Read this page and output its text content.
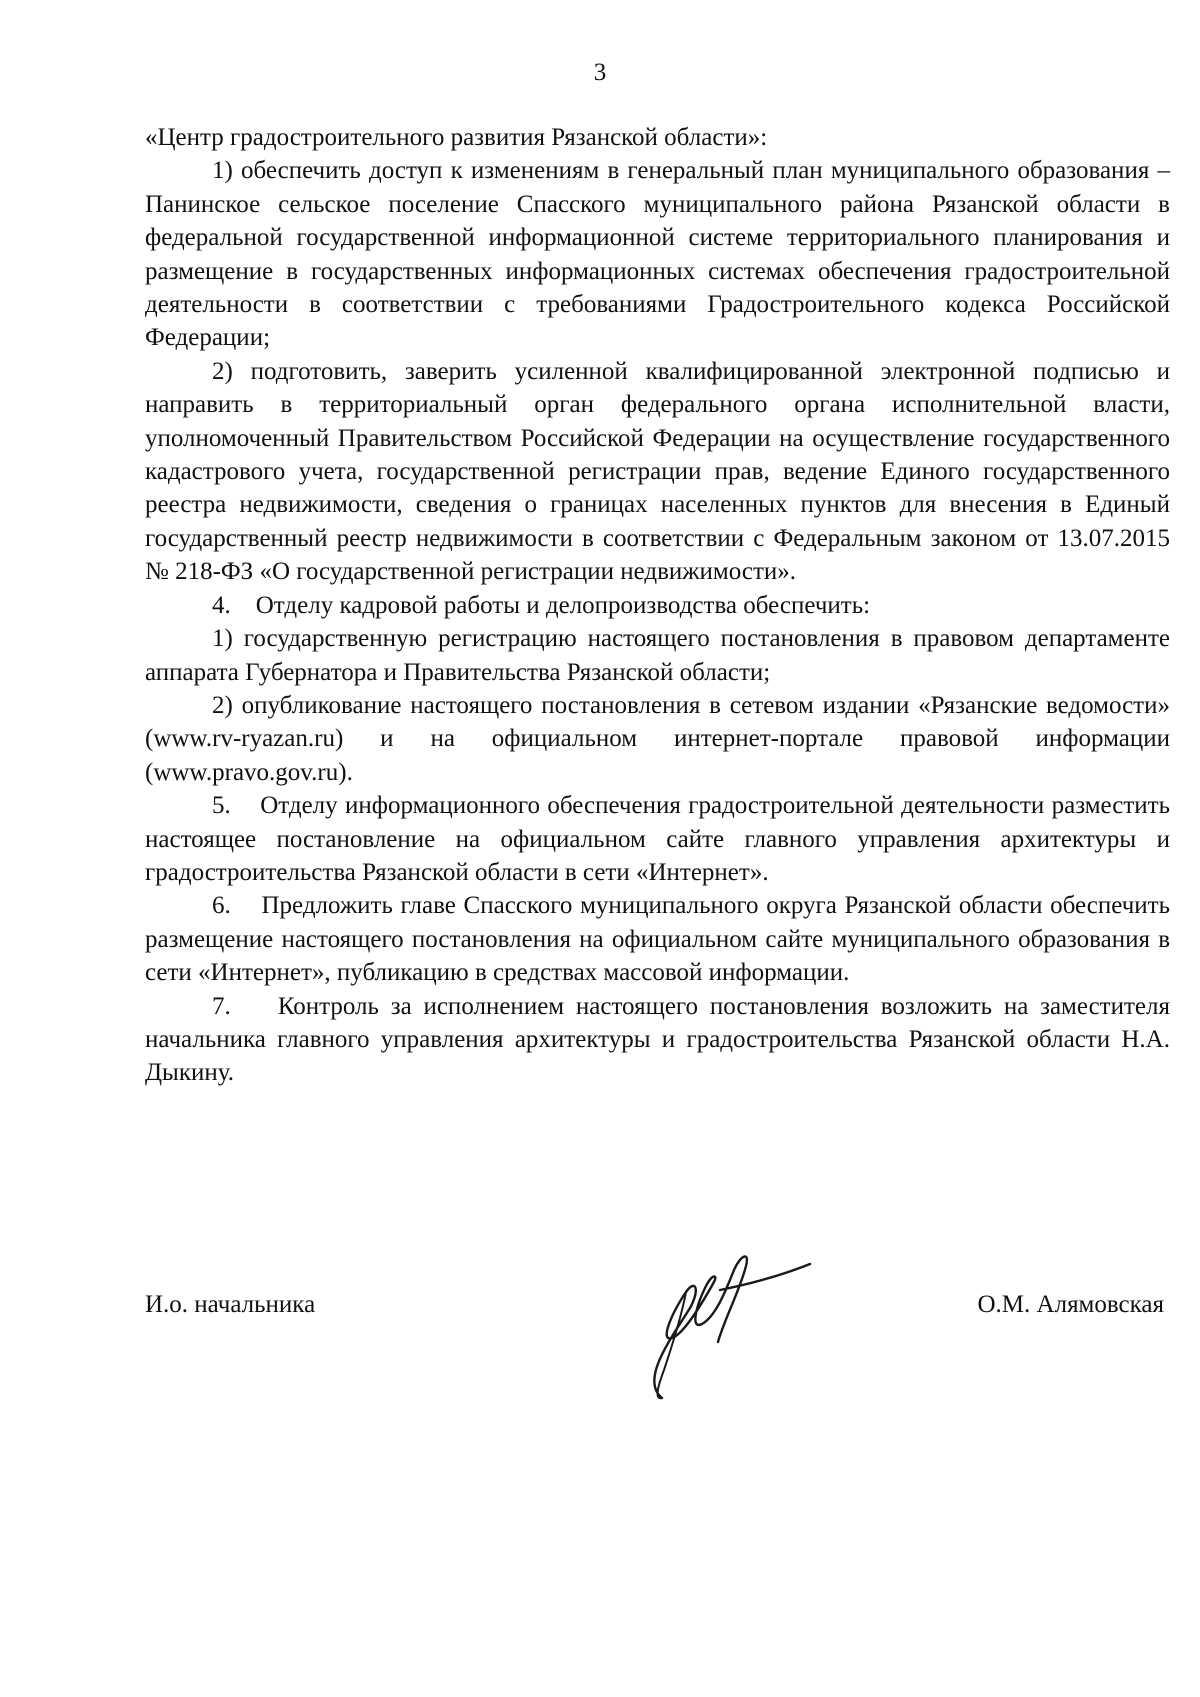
3

«Центр градостроительного развития Рязанской области»:

1) обеспечить доступ к изменениям в генеральный план муниципального образования – Панинское сельское поселение Спасского муниципального района Рязанской области в федеральной государственной информационной системе территориального планирования и размещение в государственных информационных системах обеспечения градостроительной деятельности в соответствии с требованиями Градостроительного кодекса Российской Федерации;

2) подготовить, заверить усиленной квалифицированной электронной подписью и направить в территориальный орган федерального органа исполнительной власти, уполномоченный Правительством Российской Федерации на осуществление государственного кадастрового учета, государственной регистрации прав, ведение Единого государственного реестра недвижимости, сведения о границах населенных пунктов для внесения в Единый государственный реестр недвижимости в соответствии с Федеральным законом от 13.07.2015 № 218-ФЗ «О государственной регистрации недвижимости».

4.    Отделу кадровой работы и делопроизводства обеспечить:

1) государственную регистрацию настоящего постановления в правовом департаменте аппарата Губернатора и Правительства Рязанской области;

2) опубликование настоящего постановления в сетевом издании «Рязанские ведомости» (www.rv-ryazan.ru) и на официальном интернет-портале правовой информации (www.pravo.gov.ru).

5.    Отделу информационного обеспечения градостроительной деятельности разместить настоящее постановление на официальном сайте главного управления архитектуры и градостроительства Рязанской области в сети «Интернет».

6.    Предложить главе Спасского муниципального округа Рязанской области обеспечить размещение настоящего постановления на официальном сайте муниципального образования в сети «Интернет», публикацию в средствах массовой информации.

7.    Контроль за исполнением настоящего постановления возложить на заместителя начальника главного управления архитектуры и градостроительства Рязанской области Н.А. Дыкину.

И.о. начальника	О.М. Алямовская
